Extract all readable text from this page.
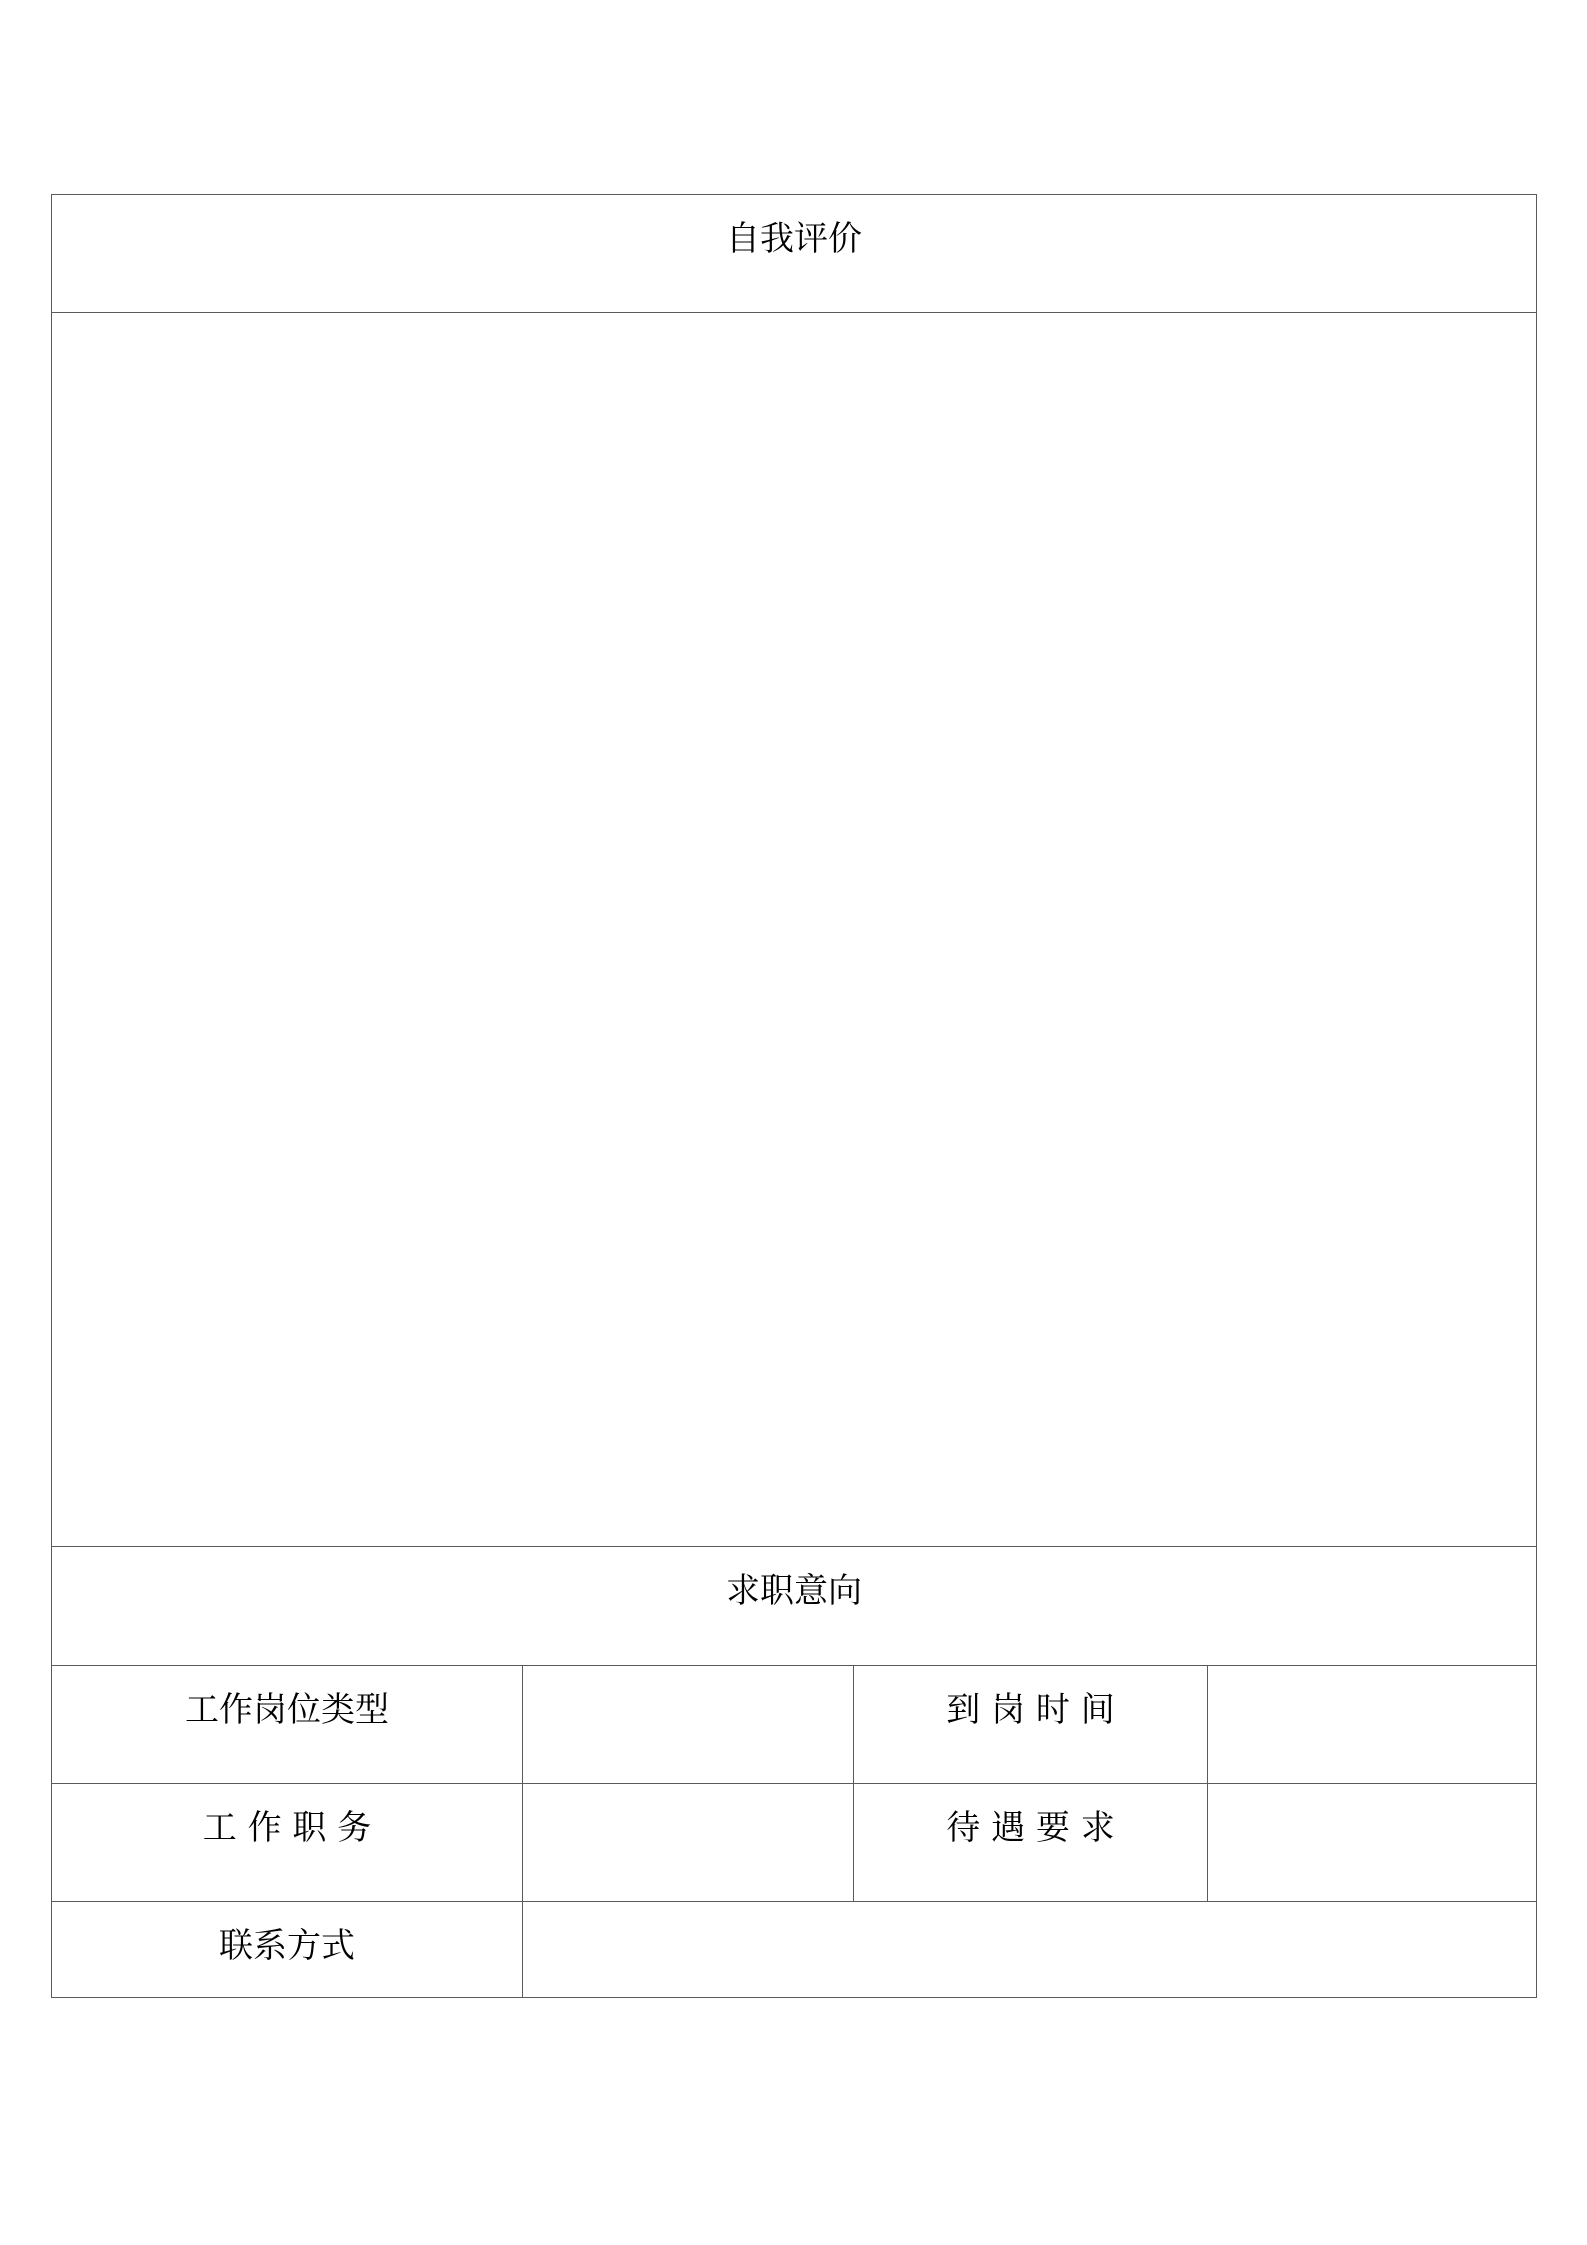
自我评价			

求职意向			

工作岗位类型		到 岗 时 间	

工 作 职 务		待 遇 要 求	

联系方式			
